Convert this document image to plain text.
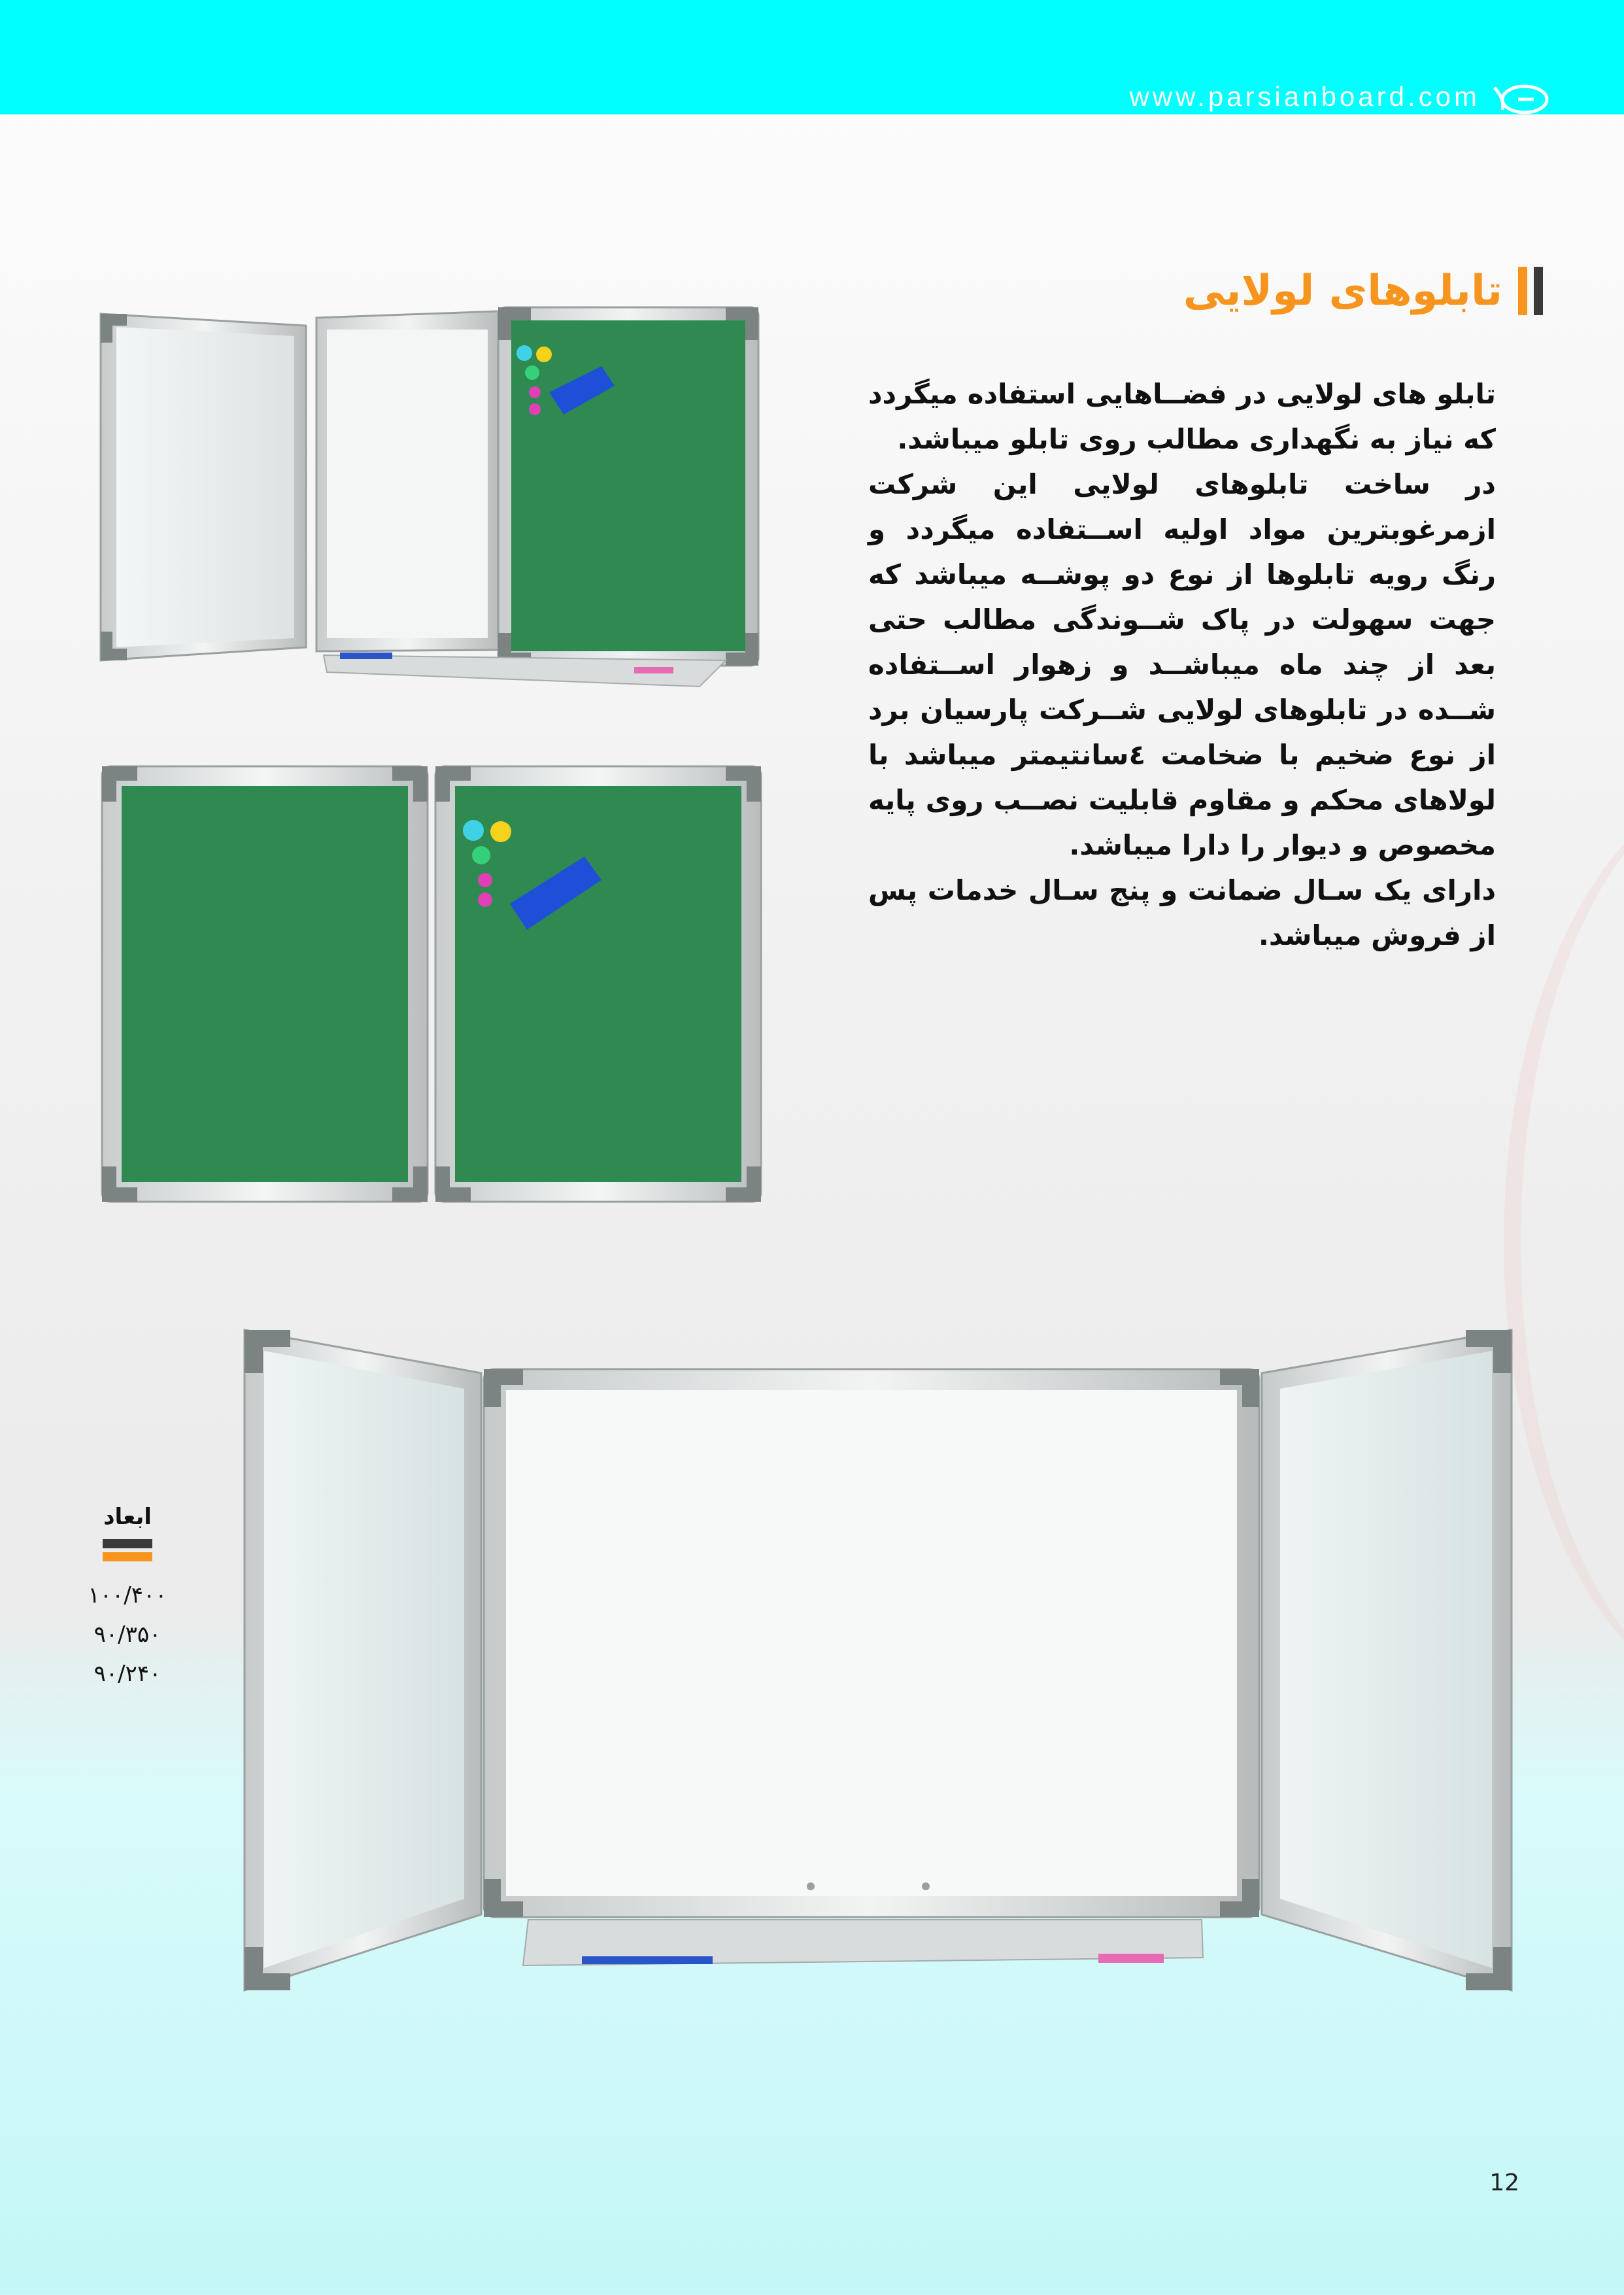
www.parsianboard.com
تابلوهای لولایی

تابلو های لولایی در فضــاهایی استفاده میگردد که نیاز به نگهداری مطالب روی تابلو میباشد.

در ساخت تابلوهای لولایی این شرکت ازمرغوبترین مواد اولیه اســتفاده میگردد و رنگ رویه تابلوها از نوع دو پوشــه میباشد که جهت سهولت در پاک شــوندگی مطالب حتی بعد از چند ماه میباشــد و زهوار اســتفاده شــده در تابلوهای لولایی شــرکت پارسیان برد از نوع ضخیم با ضخامت ٤سانتیمتر میباشد با لولاهای محکم و مقاوم قابلیت نصــب روی پایه مخصوص و دیوار را دارا میباشد.

دارای یک سـال ضمانت و پنج سـال خدمات پس از فروش میباشد.

ابعاد
۱۰۰/۴۰۰
۹۰/۳۵۰
۹۰/۲۴۰
12
